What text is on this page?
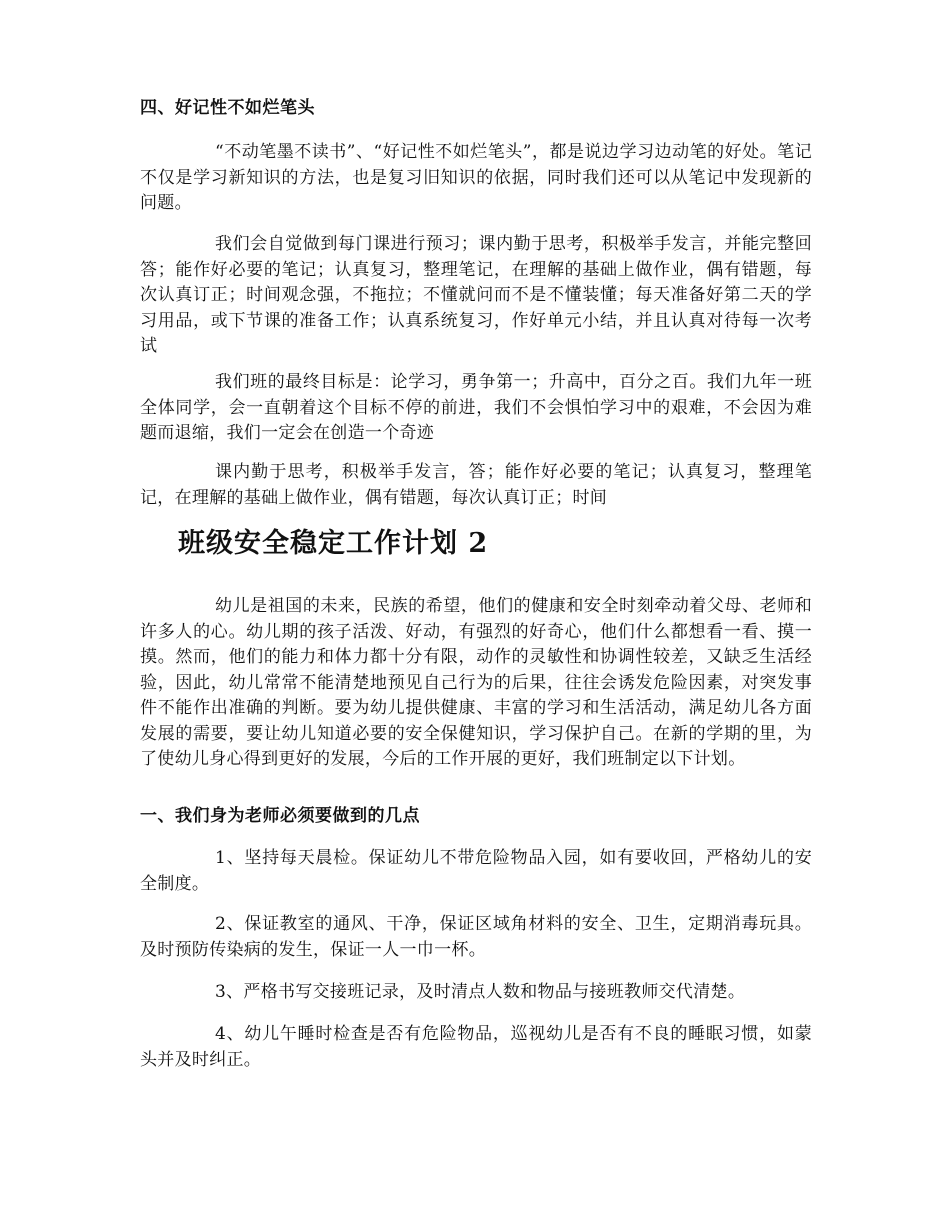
四、好记性不如烂笔头

“不动笔墨不读书”、“好记性不如烂笔头”，都是说边学习边动笔的好处。笔记不仅是学习新知识的方法，也是复习旧知识的依据，同时我们还可以从笔记中发现新的问题。

我们会自觉做到每门课进行预习；课内勤于思考，积极举手发言，并能完整回答；能作好必要的笔记；认真复习，整理笔记，在理解的基础上做作业，偶有错题，每次认真订正；时间观念强，不拖拉；不懂就问而不是不懂装懂；每天准备好第二天的学习用品，或下节课的准备工作；认真系统复习，作好单元小结，并且认真对待每一次考试

我们班的最终目标是：论学习，勇争第一；升高中，百分之百。我们九年一班全体同学，会一直朝着这个目标不停的前进，我们不会惧怕学习中的艰难，不会因为难题而退缩，我们一定会在创造一个奇迹

课内勤于思考，积极举手发言，答；能作好必要的笔记；认真复习，整理笔记，在理解的基础上做作业，偶有错题，每次认真订正；时间

班级安全稳定工作计划 2

幼儿是祖国的未来，民族的希望，他们的健康和安全时刻牵动着父母、老师和许多人的心。幼儿期的孩子活泼、好动，有强烈的好奇心，他们什么都想看一看、摸一摸。然而，他们的能力和体力都十分有限，动作的灵敏性和协调性较差，又缺乏生活经验，因此，幼儿常常不能清楚地预见自己行为的后果，往往会诱发危险因素，对突发事件不能作出准确的判断。要为幼儿提供健康、丰富的学习和生活活动，满足幼儿各方面发展的需要，要让幼儿知道必要的安全保健知识，学习保护自己。在新的学期的里，为了使幼儿身心得到更好的发展，今后的工作开展的更好，我们班制定以下计划。

一、我们身为老师必须要做到的几点

1、坚持每天晨检。保证幼儿不带危险物品入园，如有要收回，严格幼儿的安全制度。

2、保证教室的通风、干净，保证区域角材料的安全、卫生，定期消毒玩具。及时预防传染病的发生，保证一人一巾一杯。

3、严格书写交接班记录，及时清点人数和物品与接班教师交代清楚。

4、幼儿午睡时检查是否有危险物品，巡视幼儿是否有不良的睡眠习惯，如蒙头并及时纠正。
